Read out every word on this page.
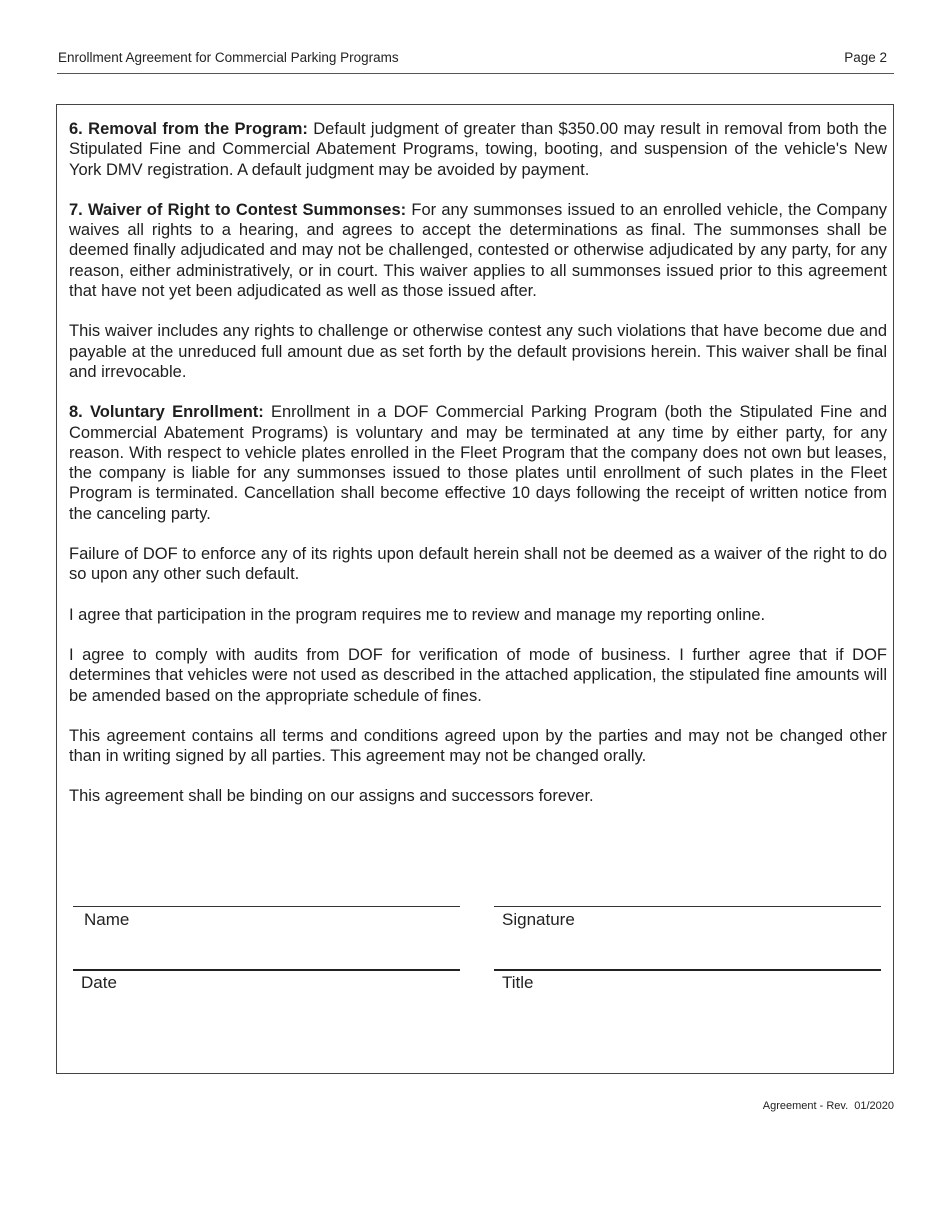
Enrollment Agreement for Commercial Parking Programs	Page 2

6. Removal from the Program: Default judgment of greater than $350.00 may result in removal from both the Stipulated Fine and Commercial Abatement Programs, towing, booting, and suspension of the vehicle's New York DMV registration. A default judgment may be avoided by payment.

7. Waiver of Right to Contest Summonses: For any summonses issued to an enrolled vehicle, the Company waives all rights to a hearing, and agrees to accept the determinations as final. The summonses shall be deemed finally adjudicated and may not be challenged, contested or otherwise adjudicated by any party, for any reason, either administratively, or in court. This waiver applies to all summonses issued prior to this agreement that have not yet been adjudicated as well as those issued after.

This waiver includes any rights to challenge or otherwise contest any such violations that have become due and payable at the unreduced full amount due as set forth by the default provisions herein. This waiver shall be final and irrevocable.

8. Voluntary Enrollment: Enrollment in a DOF Commercial Parking Program (both the Stipulated Fine and Commercial Abatement Programs) is voluntary and may be terminated at any time by either party, for any reason. With respect to vehicle plates enrolled in the Fleet Program that the company does not own but leases, the company is liable for any summonses issued to those plates until enrollment of such plates in the Fleet Program is terminated. Cancellation shall become effective 10 days following the receipt of written notice from the canceling party.

Failure of DOF to enforce any of its rights upon default herein shall not be deemed as a waiver of the right to do so upon any other such default.

I agree that participation in the program requires me to review and manage my reporting online.

I agree to comply with audits from DOF for verification of mode of business. I further agree that if DOF determines that vehicles were not used as described in the attached application, the stipulated fine amounts will be amended based on the appropriate schedule of fines.

This agreement contains all terms and conditions agreed upon by the parties and may not be changed other than in writing signed by all parties. This agreement may not be changed orally.

This agreement shall be binding on our assigns and successors forever.

Name	Signature
Date	Title
Agreement - Rev.  01/2020
